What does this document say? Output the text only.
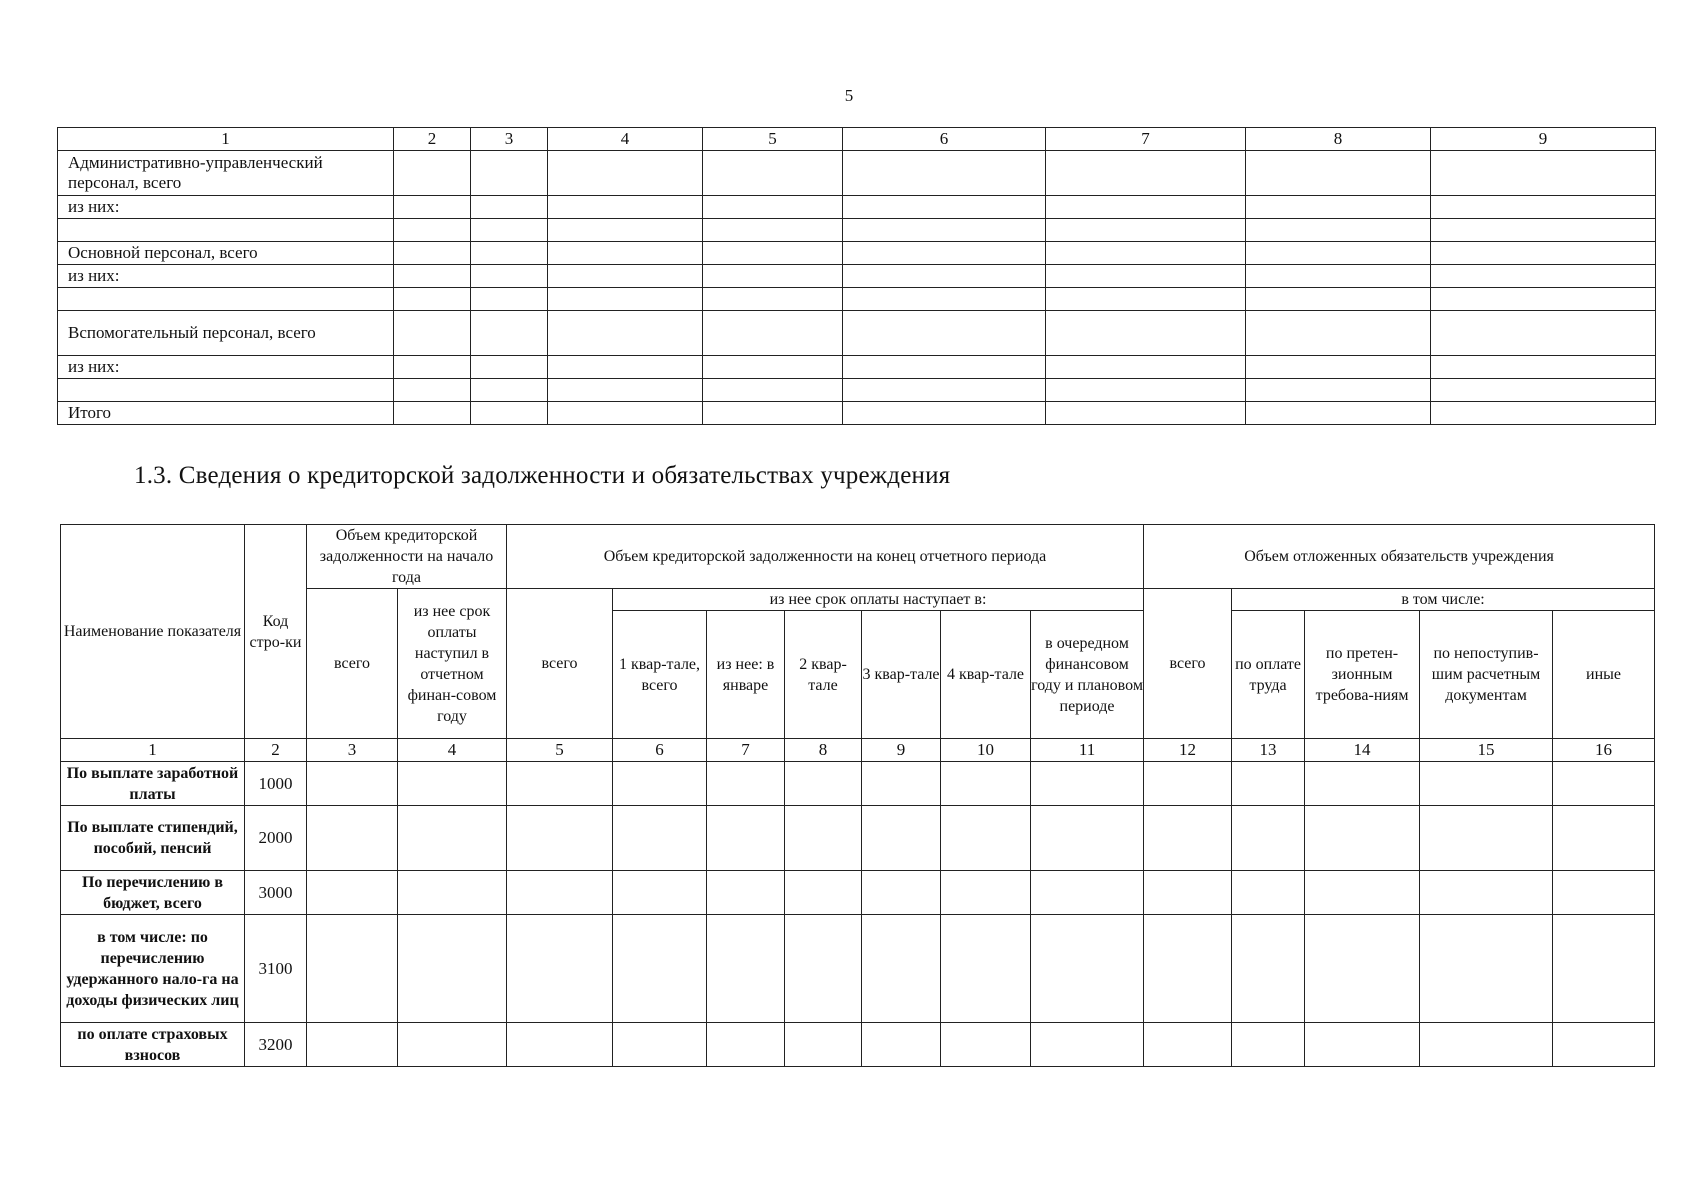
5
1	2	3	4	5	6	7	8	9
Административно-управленческий персонал, всего								
из них:								

Основной персонал, всего								
из них:								

Вспомогательный персонал, всего								
из них:								

Итого								
1.3. Сведения о кредиторской задолженности и обязательствах учреждения
Наименование показателя	Код стро-ки	Объем кредиторской задолженности на начало года		Объем кредиторской задолженности на конец отчетного периода							Объем отложенных обязательств учреждения				
		всего	из нее срок оплаты наступил в отчетном финан-совом году	всего	из нее срок оплаты наступает в:						всего	в том числе:			
					1 квар-тале, всего	из нее: в январе	2 квар-тале	3 квар-тале	4 квар-тале	в очередном финансовом году и плановом периоде		по оплате труда	по претен-зионным требова-ниям	по непоступив-шим расчетным документам	иные
1	2	3	4	5	6	7	8	9	10	11	12	13	14	15	16
По выплате заработной платы	1000														
По выплате стипендий, пособий, пенсий	2000														
По перечислению в бюджет, всего	3000														
в том числе: по перечислению удержанного нало-га на доходы физических лиц	3100														
по оплате страховых взносов	3200														
